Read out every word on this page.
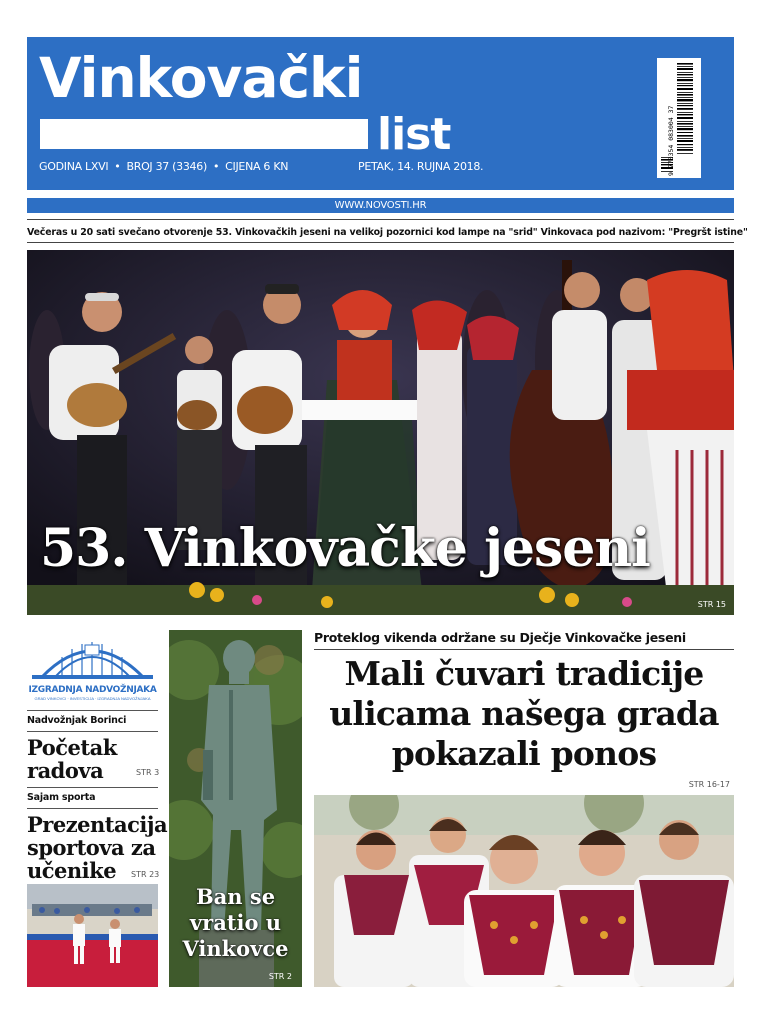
Vinkovački
list
GODINA LXVI • BROJ 37 (3346) • CIJENA 6 KN	PETAK, 14. RUJNA 2018.	9 770354 083004 37
WWW.NOVOSTI.HR
Večeras u 20 sati svečano otvorenje 53. Vinkovačkih jeseni na velikoj pozornici kod lampe na "srid" Vinkovaca pod nazivom: "Pregršt istine"
53. Vinkovačke jeseni
STR 15
IZGRADNJA NADVOŽNJAKA
GRAD VINKOVCI · INVESTICIJA · IZGRADNJA NADVOŽNJAKA
Nadvožnjak Borinci
Početak
radova	STR 3
Sajam sporta
Prezentacija
sportova za
učenike	STR 23
Ban se
vratio u
Vinkovce
STR 2
Proteklog vikenda održane su Dječje Vinkovačke jeseni
Mali čuvari tradicije
ulicama našega grada
pokazali ponos
STR 16-17
